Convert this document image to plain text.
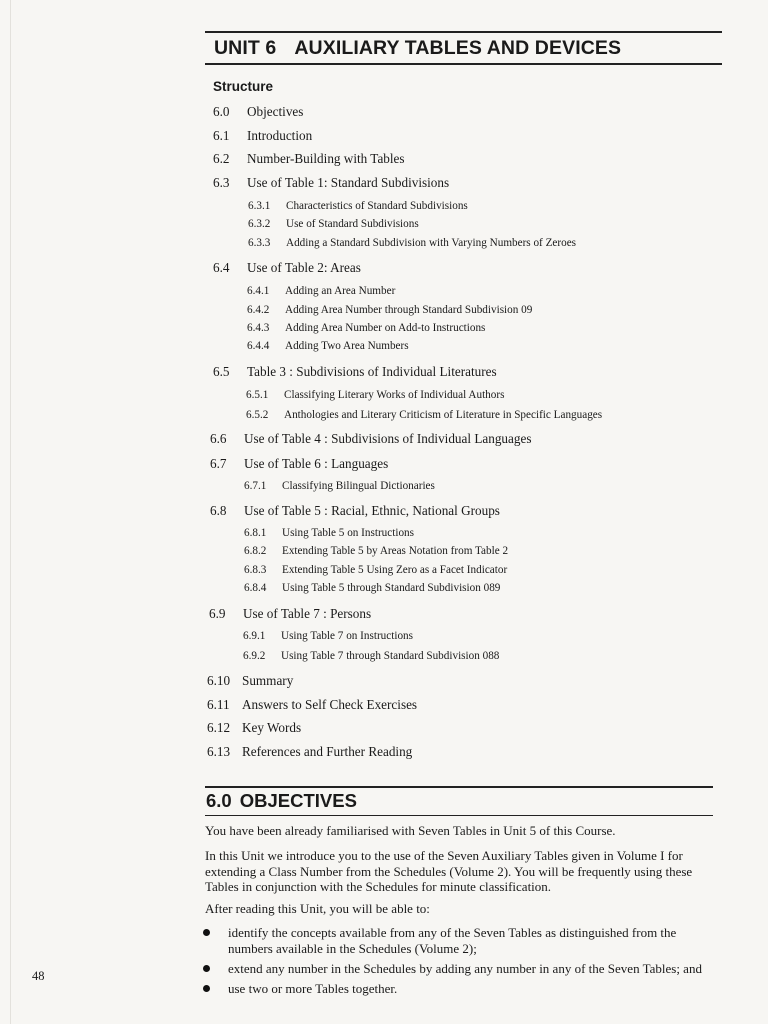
UNIT 6 AUXILIARY TABLES AND DEVICES
Structure
6.0 Objectives
6.1 Introduction
6.2 Number-Building with Tables
6.3 Use of Table 1: Standard Subdivisions
6.3.1 Characteristics of Standard Subdivisions
6.3.2 Use of Standard Subdivisions
6.3.3 Adding a Standard Subdivision with Varying Numbers of Zeroes
6.4 Use of Table 2: Areas
6.4.1 Adding an Area Number
6.4.2 Adding Area Number through Standard Subdivision 09
6.4.3 Adding Area Number on Add-to Instructions
6.4.4 Adding Two Area Numbers
6.5 Table 3 : Subdivisions of Individual Literatures
6.5.1 Classifying Literary Works of Individual Authors
6.5.2 Anthologies and Literary Criticism of Literature in Specific Languages
6.6 Use of Table 4 : Subdivisions of Individual Languages
6.7 Use of Table 6 : Languages
6.7.1 Classifying Bilingual Dictionaries
6.8 Use of Table 5 : Racial, Ethnic, National Groups
6.8.1 Using Table 5 on Instructions
6.8.2 Extending Table 5 by Areas Notation from Table 2
6.8.3 Extending Table 5 Using Zero as a Facet Indicator
6.8.4 Using Table 5 through Standard Subdivision 089
6.9 Use of Table 7 : Persons
6.9.1 Using Table 7 on Instructions
6.9.2 Using Table 7 through Standard Subdivision 088
6.10 Summary
6.11 Answers to Self Check Exercises
6.12 Key Words
6.13 References and Further Reading
6.0 OBJECTIVES
You have been already familiarised with Seven Tables in Unit 5 of this Course.
In this Unit we introduce you to the use of the Seven Auxiliary Tables given in Volume I for extending a Class Number from the Schedules (Volume 2). You will be frequently using these Tables in conjunction with the Schedules for minute classification.
After reading this Unit, you will be able to:
identify the concepts available from any of the Seven Tables as distinguished from the numbers available in the Schedules (Volume 2);
extend any number in the Schedules by adding any number in any of the Seven Tables; and
use two or more Tables together.
48
